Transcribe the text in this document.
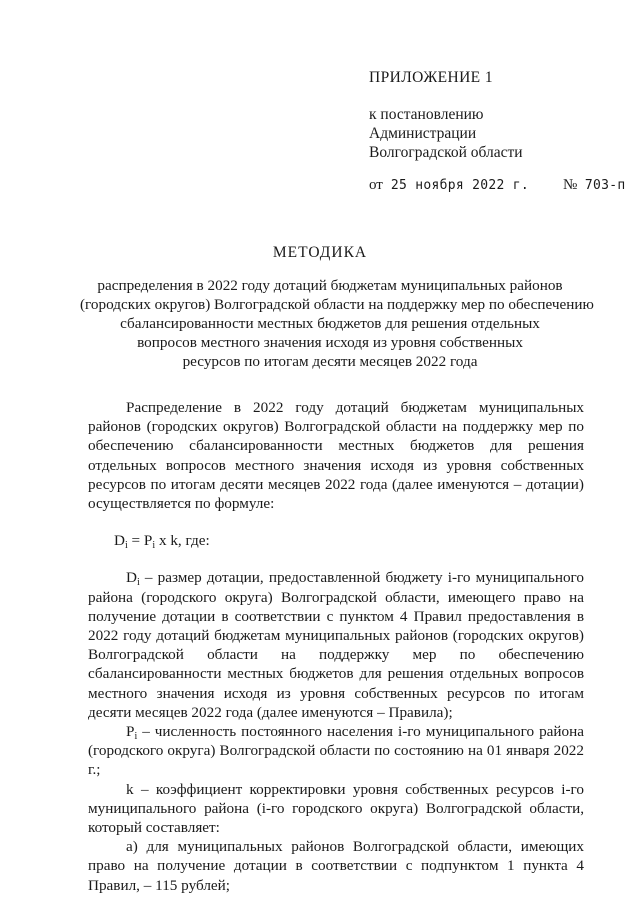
ПРИЛОЖЕНИЕ 1
к постановлению
Администрации
Волгоградской области
от 25 ноября 2022 г. № 703-п
МЕТОДИКА
распределения в 2022 году дотаций бюджетам муниципальных районов
(городских округов) Волгоградской области на поддержку мер по обеспечению
сбалансированности местных бюджетов для решения отдельных
вопросов местного значения исходя из уровня собственных
ресурсов по итогам десяти месяцев 2022 года

Распределение в 2022 году дотаций бюджетам муниципальных районов (городских округов) Волгоградской области на поддержку мер по обеспечению сбалансированности местных бюджетов для решения отдельных вопросов местного значения исходя из уровня собственных ресурсов по итогам десяти месяцев 2022 года (далее именуются – дотации) осуществляется по формуле:

$D_i = P_i$ x k, где:

$D_i$ – размер дотации, предоставленной бюджету i-го муниципального района (городского округа) Волгоградской области, имеющего право на получение дотации в соответствии с пунктом 4 Правил предоставления в 2022 году дотаций бюджетам муниципальных районов (городских округов) Волгоградской области на поддержку мер по обеспечению сбалансированности местных бюджетов для решения отдельных вопросов местного значения исходя из уровня собственных ресурсов по итогам десяти месяцев 2022 года (далее именуются – Правила);

$P_i$ – численность постоянного населения i-го муниципального района (городского округа) Волгоградской области по состоянию на 01 января 2022 г.;

k – коэффициент корректировки уровня собственных ресурсов i-го муниципального района (i-го городского округа) Волгоградской области, который составляет:

а) для муниципальных районов Волгоградской области, имеющих право на получение дотации в соответствии с подпунктом 1 пункта 4 Правил, – 115 рублей;
